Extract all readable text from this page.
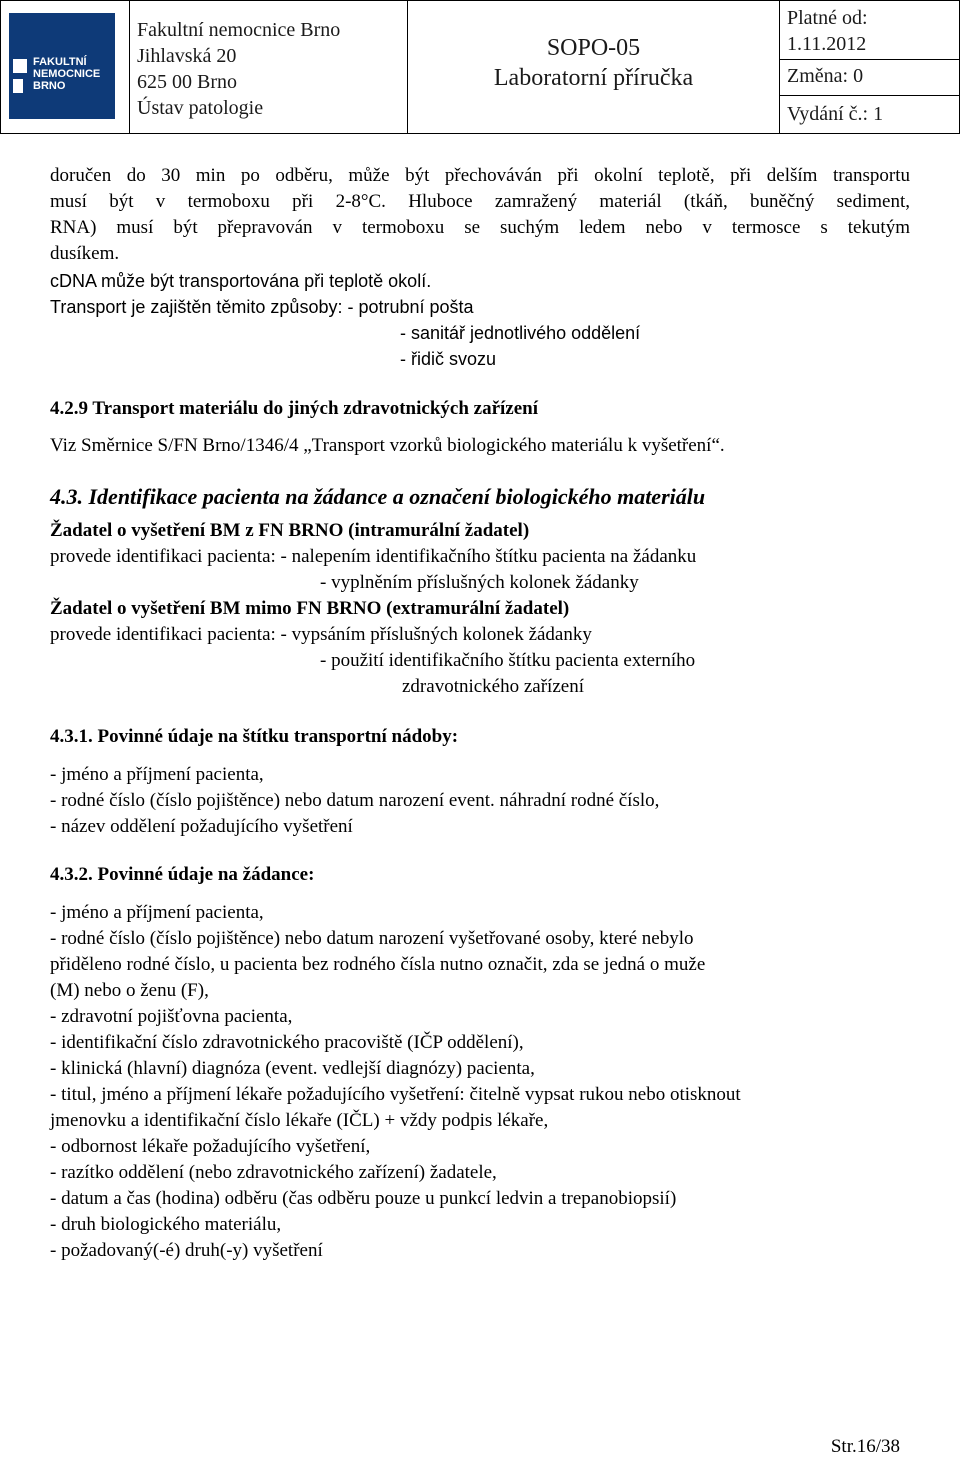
FAKULTNÍ
NEMOCNICE
BRNO
Fakultní nemocnice Brno
Jihlavská 20
625 00 Brno
Ústav patologie
SOPO-05
Laboratorní příručka
Platné od:
1.11.2012
Změna: 0
Vydání č.: 1
doručen do 30 min po odběru, může být přechováván při okolní teplotě, při delším transportu
musí být v termoboxu při 2-8°C. Hluboce zamražený materiál (tkáň, buněčný sediment,
RNA) musí být přepravován v termoboxu se suchým ledem nebo v termosce s tekutým
dusíkem.
cDNA může být transportována při teplotě okolí.
Transport je zajištěn těmito způsoby: - potrubní pošta
- sanitář jednotlivého oddělení
- řidič svozu
4.2.9 Transport materiálu do jiných zdravotnických zařízení
Viz Směrnice S/FN Brno/1346/4 „Transport vzorků biologického materiálu k vyšetření“.
4.3. Identifikace pacienta na žádance a označení biologického materiálu
Žadatel o vyšetření BM z FN BRNO (intramurální žadatel)
provede identifikaci pacienta: - nalepením identifikačního štítku pacienta na žádanku
- vyplněním příslušných kolonek žádanky
Žadatel o vyšetření BM mimo FN BRNO (extramurální žadatel)
provede identifikaci pacienta: - vypsáním příslušných kolonek žádanky
- použití identifikačního štítku pacienta externího
zdravotnického zařízení
4.3.1. Povinné údaje na štítku transportní nádoby:
- jméno a příjmení pacienta,
- rodné číslo (číslo pojištěnce) nebo datum narození event. náhradní rodné číslo,
- název oddělení požadujícího vyšetření
4.3.2. Povinné údaje na žádance:
- jméno a příjmení pacienta,
- rodné číslo (číslo pojištěnce) nebo datum narození vyšetřované osoby, které nebylo
přiděleno rodné číslo, u pacienta bez rodného čísla nutno označit, zda se jedná o muže
(M) nebo o ženu (F),
- zdravotní pojišťovna pacienta,
- identifikační číslo zdravotnického pracoviště (IČP oddělení),
- klinická (hlavní) diagnóza (event. vedlejší diagnózy) pacienta,
- titul, jméno a příjmení lékaře požadujícího vyšetření: čitelně vypsat rukou nebo otisknout
jmenovku a identifikační číslo lékaře (IČL) + vždy podpis lékaře,
- odbornost lékaře požadujícího vyšetření,
- razítko oddělení (nebo zdravotnického zařízení) žadatele,
- datum a čas (hodina) odběru (čas odběru pouze u punkcí ledvin a trepanobiopsií)
- druh biologického materiálu,
- požadovaný(-é) druh(-y) vyšetření
Str.16/38
